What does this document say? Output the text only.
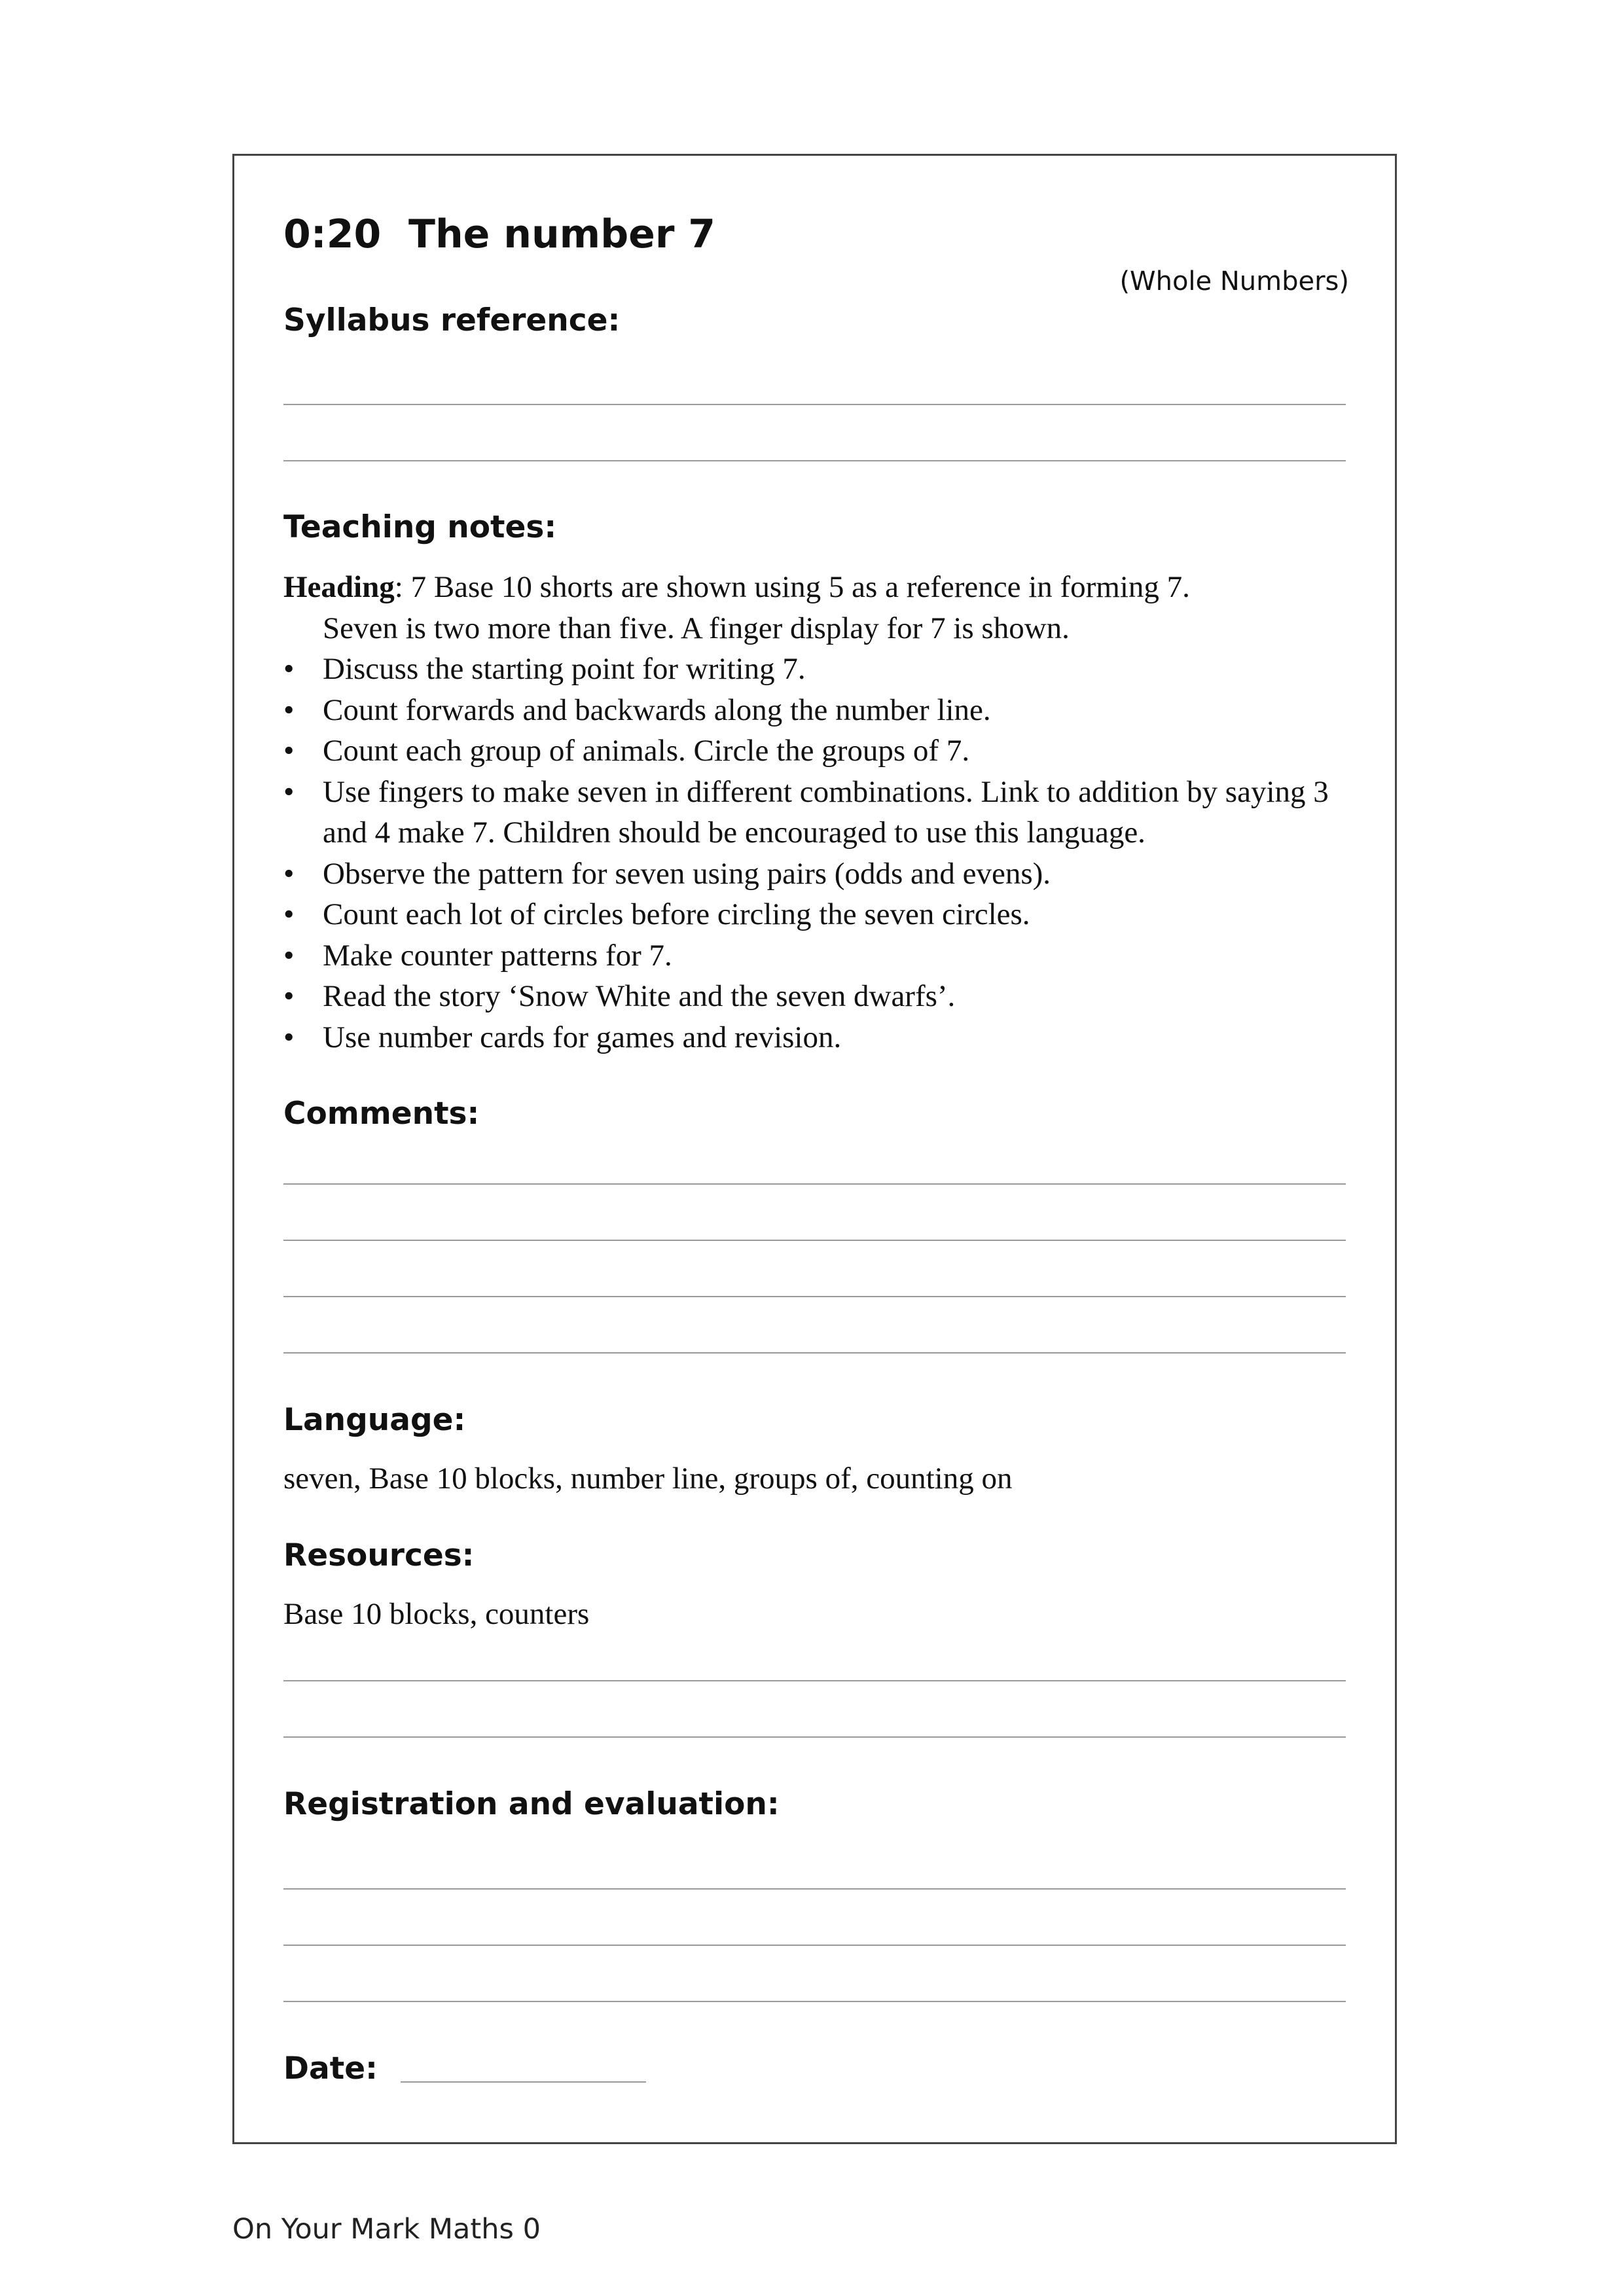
0:20  The number 7
(Whole Numbers)
Syllabus reference:
Teaching notes:

Heading: 7 Base 10 shorts are shown using 5 as a reference in forming 7.
Seven is two more than five. A finger display for 7 is shown.

• Discuss the starting point for writing 7.
• Count forwards and backwards along the number line.
• Count each group of animals. Circle the groups of 7.
• Use fingers to make seven in different combinations. Link to addition by saying 3 and 4 make 7. Children should be encouraged to use this language.
• Observe the pattern for seven using pairs (odds and evens).
• Count each lot of circles before circling the seven circles.
• Make counter patterns for 7.
• Read the story ‘Snow White and the seven dwarfs’.
• Use number cards for games and revision.
Comments:
Language:
seven, Base 10 blocks, number line, groups of, counting on
Resources:
Base 10 blocks, counters
Registration and evaluation:
Date:
On Your Mark Maths 0
